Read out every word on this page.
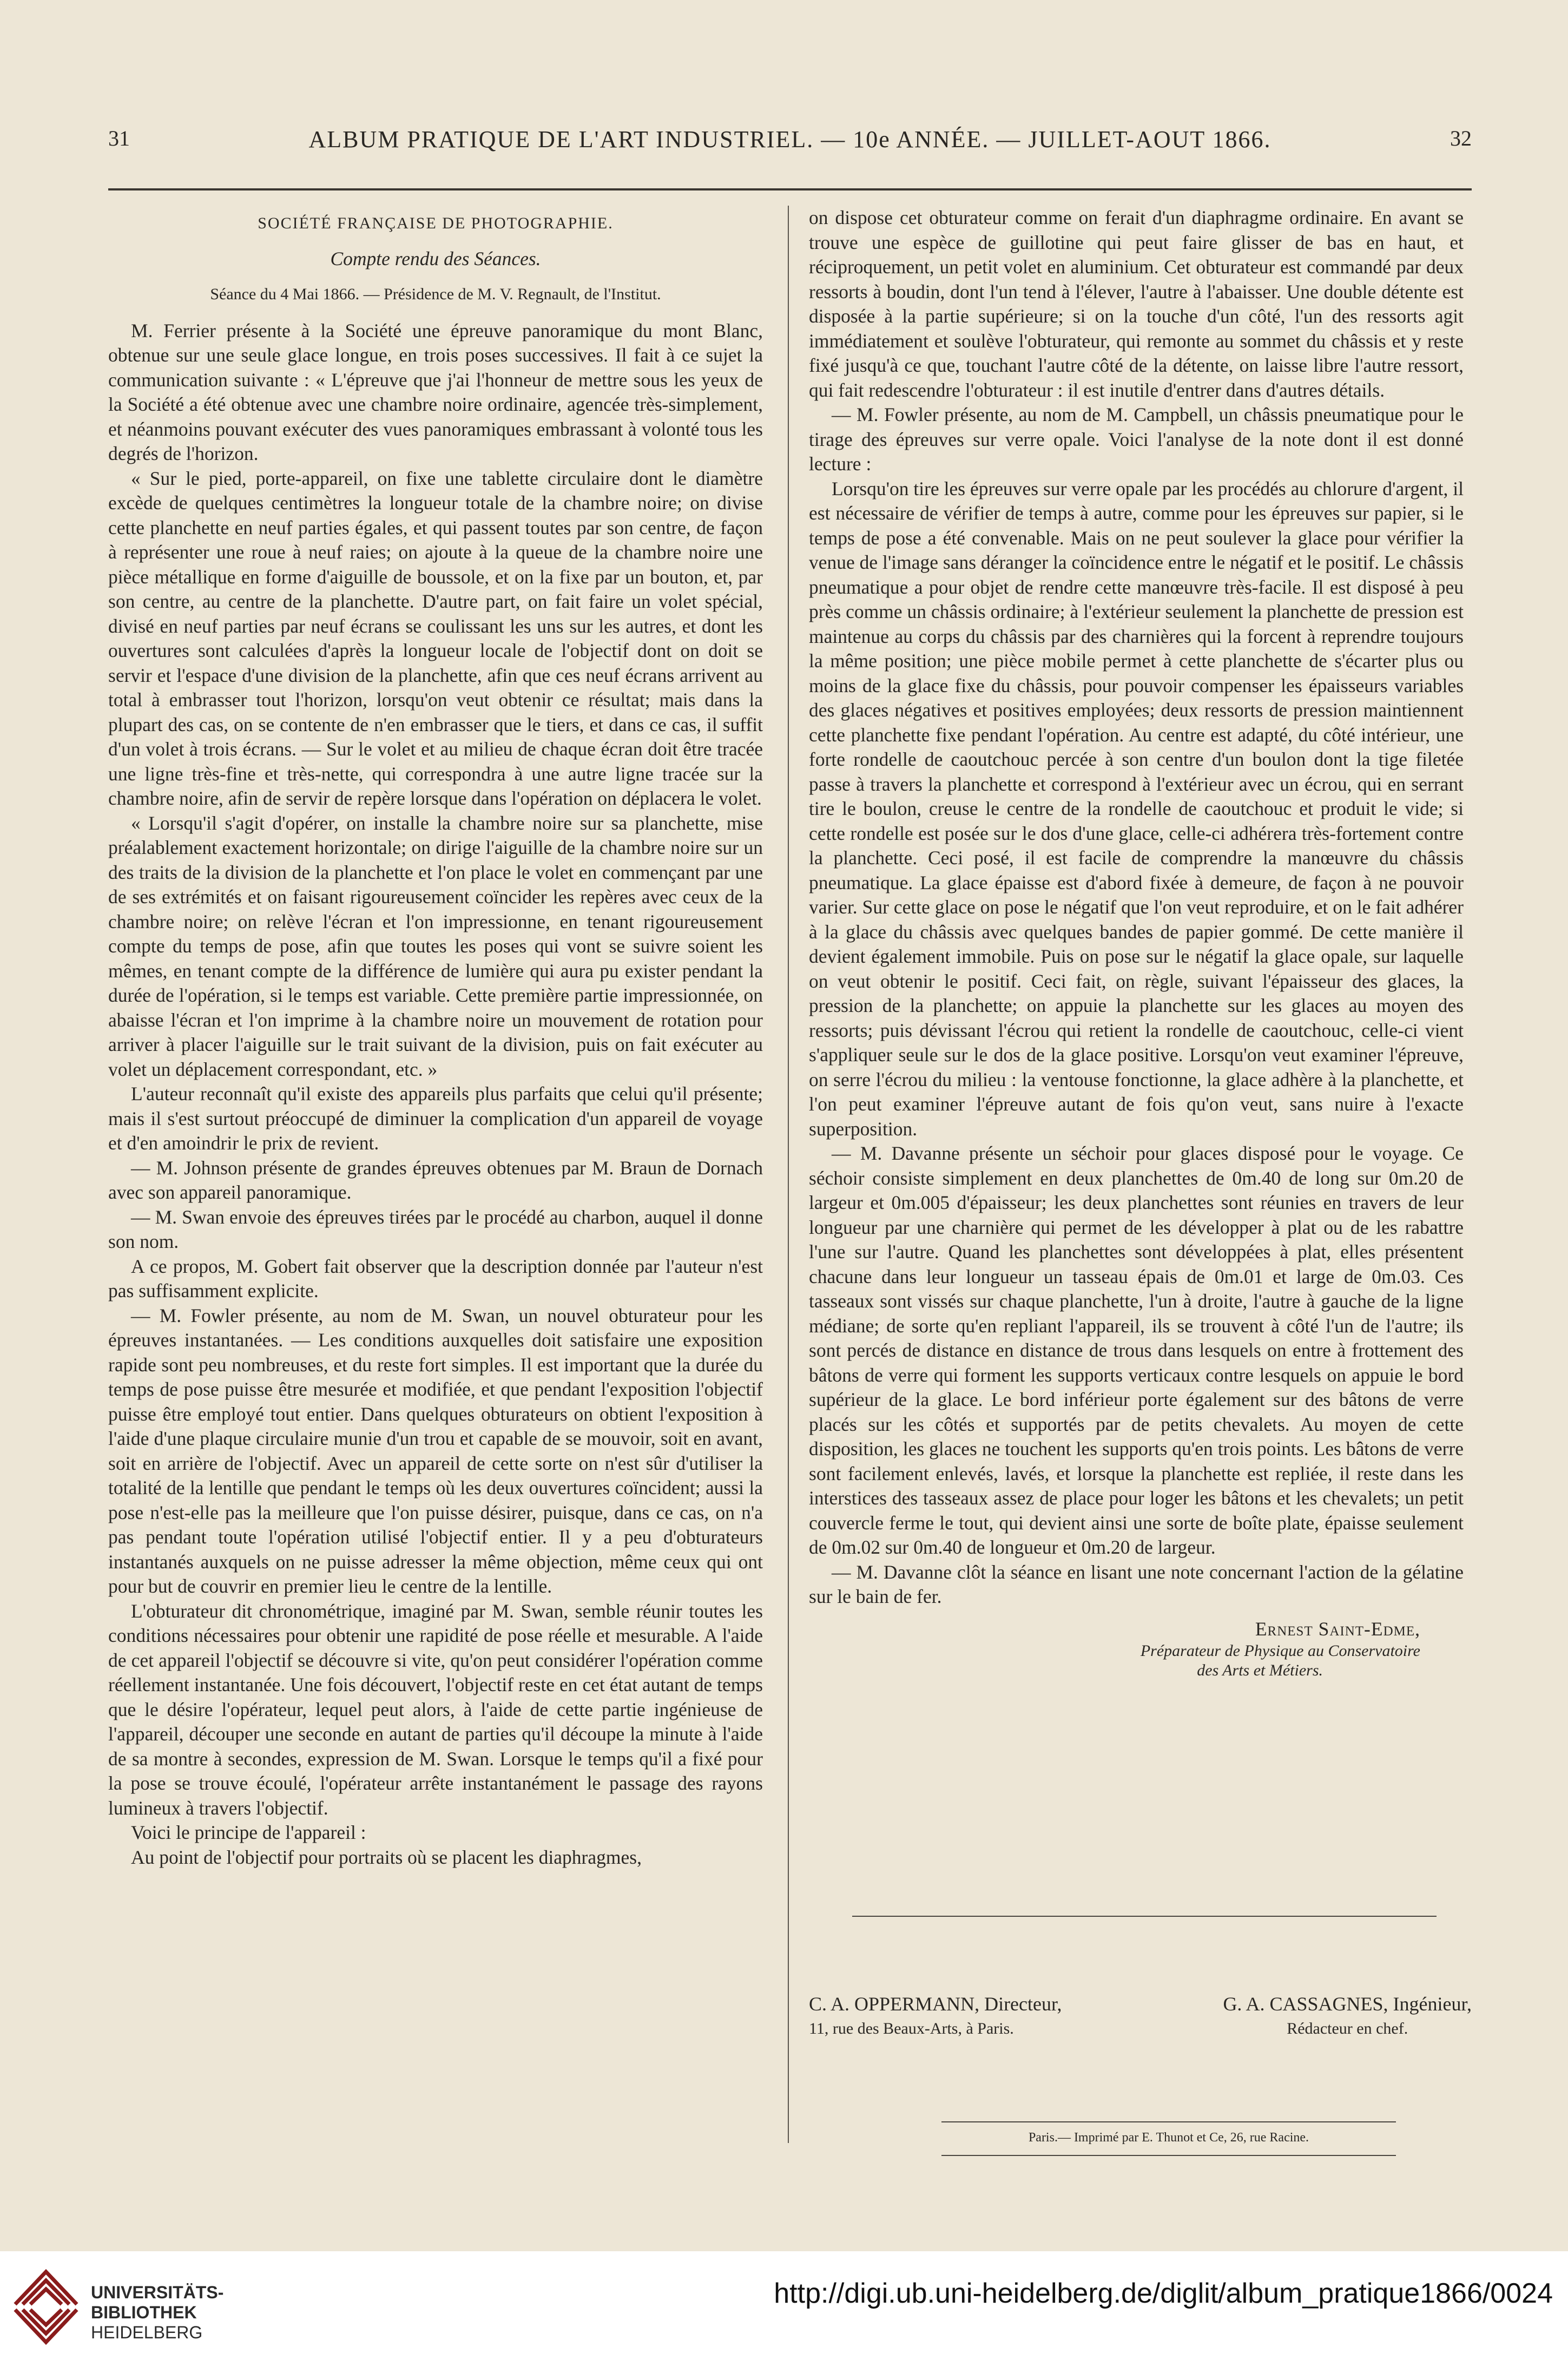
31	ALBUM PRATIQUE DE L'ART INDUSTRIEL. — 10e ANNÉE. — JUILLET-AOUT 1866.	32
SOCIÉTÉ FRANÇAISE DE PHOTOGRAPHIE.
Compte rendu des Séances.
Séance du 4 Mai 1866. — Présidence de M. V. Regnault, de l'Institut.

M. Ferrier présente à la Société une épreuve panoramique du mont Blanc, obtenue sur une seule glace longue, en trois poses successives. Il fait à ce sujet la communication suivante : « L'épreuve que j'ai l'honneur de mettre sous les yeux de la Société a été obtenue avec une chambre noire ordinaire, agencée très-simplement, et néanmoins pouvant exécuter des vues panoramiques embrassant à volonté tous les degrés de l'horizon.

« Sur le pied, porte-appareil, on fixe une tablette circulaire dont le diamètre excède de quelques centimètres la longueur totale de la chambre noire; on divise cette planchette en neuf parties égales, et qui passent toutes par son centre, de façon à représenter une roue à neuf raies; on ajoute à la queue de la chambre noire une pièce métallique en forme d'aiguille de boussole, et on la fixe par un bouton, et, par son centre, au centre de la planchette. D'autre part, on fait faire un volet spécial, divisé en neuf parties par neuf écrans se coulissant les uns sur les autres, et dont les ouvertures sont calculées d'après la longueur locale de l'objectif dont on doit se servir et l'espace d'une division de la planchette, afin que ces neuf écrans arrivent au total à embrasser tout l'horizon, lorsqu'on veut obtenir ce résultat; mais dans la plupart des cas, on se contente de n'en embrasser que le tiers, et dans ce cas, il suffit d'un volet à trois écrans. — Sur le volet et au milieu de chaque écran doit être tracée une ligne très-fine et très-nette, qui correspondra à une autre ligne tracée sur la chambre noire, afin de servir de repère lorsque dans l'opération on déplacera le volet.

« Lorsqu'il s'agit d'opérer, on installe la chambre noire sur sa planchette, mise préalablement exactement horizontale; on dirige l'aiguille de la chambre noire sur un des traits de la division de la planchette et l'on place le volet en commençant par une de ses extrémités et on faisant rigoureusement coïncider les repères avec ceux de la chambre noire; on relève l'écran et l'on impressionne, en tenant rigoureusement compte du temps de pose, afin que toutes les poses qui vont se suivre soient les mêmes, en tenant compte de la différence de lumière qui aura pu exister pendant la durée de l'opération, si le temps est variable. Cette première partie impressionnée, on abaisse l'écran et l'on imprime à la chambre noire un mouvement de rotation pour arriver à placer l'aiguille sur le trait suivant de la division, puis on fait exécuter au volet un déplacement correspondant, etc. »

L'auteur reconnaît qu'il existe des appareils plus parfaits que celui qu'il présente; mais il s'est surtout préoccupé de diminuer la complication d'un appareil de voyage et d'en amoindrir le prix de revient.

— M. Johnson présente de grandes épreuves obtenues par M. Braun de Dornach avec son appareil panoramique.

— M. Swan envoie des épreuves tirées par le procédé au charbon, auquel il donne son nom.

A ce propos, M. Gobert fait observer que la description donnée par l'auteur n'est pas suffisamment explicite.

— M. Fowler présente, au nom de M. Swan, un nouvel obturateur pour les épreuves instantanées. — Les conditions auxquelles doit satisfaire une exposition rapide sont peu nombreuses, et du reste fort simples. Il est important que la durée du temps de pose puisse être mesurée et modifiée, et que pendant l'exposition l'objectif puisse être employé tout entier. Dans quelques obturateurs on obtient l'exposition à l'aide d'une plaque circulaire munie d'un trou et capable de se mouvoir, soit en avant, soit en arrière de l'objectif. Avec un appareil de cette sorte on n'est sûr d'utiliser la totalité de la lentille que pendant le temps où les deux ouvertures coïncident; aussi la pose n'est-elle pas la meilleure que l'on puisse désirer, puisque, dans ce cas, on n'a pas pendant toute l'opération utilisé l'objectif entier. Il y a peu d'obturateurs instantanés auxquels on ne puisse adresser la même objection, même ceux qui ont pour but de couvrir en premier lieu le centre de la lentille.

L'obturateur dit chronométrique, imaginé par M. Swan, semble réunir toutes les conditions nécessaires pour obtenir une rapidité de pose réelle et mesurable. A l'aide de cet appareil l'objectif se découvre si vite, qu'on peut considérer l'opération comme réellement instantanée. Une fois découvert, l'objectif reste en cet état autant de temps que le désire l'opérateur, lequel peut alors, à l'aide de cette partie ingénieuse de l'appareil, découper une seconde en autant de parties qu'il découpe la minute à l'aide de sa montre à secondes, expression de M. Swan. Lorsque le temps qu'il a fixé pour la pose se trouve écoulé, l'opérateur arrête instantanément le passage des rayons lumineux à travers l'objectif.

Voici le principe de l'appareil :

Au point de l'objectif pour portraits où se placent les diaphragmes,

on dispose cet obturateur comme on ferait d'un diaphragme ordinaire. En avant se trouve une espèce de guillotine qui peut faire glisser de bas en haut, et réciproquement, un petit volet en aluminium. Cet obturateur est commandé par deux ressorts à boudin, dont l'un tend à l'élever, l'autre à l'abaisser. Une double détente est disposée à la partie supérieure; si on la touche d'un côté, l'un des ressorts agit immédiatement et soulève l'obturateur, qui remonte au sommet du châssis et y reste fixé jusqu'à ce que, touchant l'autre côté de la détente, on laisse libre l'autre ressort, qui fait redescendre l'obturateur : il est inutile d'entrer dans d'autres détails.

— M. Fowler présente, au nom de M. Campbell, un châssis pneumatique pour le tirage des épreuves sur verre opale. Voici l'analyse de la note dont il est donné lecture :

Lorsqu'on tire les épreuves sur verre opale par les procédés au chlorure d'argent, il est nécessaire de vérifier de temps à autre, comme pour les épreuves sur papier, si le temps de pose a été convenable. Mais on ne peut soulever la glace pour vérifier la venue de l'image sans déranger la coïncidence entre le négatif et le positif. Le châssis pneumatique a pour objet de rendre cette manœuvre très-facile. Il est disposé à peu près comme un châssis ordinaire; à l'extérieur seulement la planchette de pression est maintenue au corps du châssis par des charnières qui la forcent à reprendre toujours la même position; une pièce mobile permet à cette planchette de s'écarter plus ou moins de la glace fixe du châssis, pour pouvoir compenser les épaisseurs variables des glaces négatives et positives employées; deux ressorts de pression maintiennent cette planchette fixe pendant l'opération. Au centre est adapté, du côté intérieur, une forte rondelle de caoutchouc percée à son centre d'un boulon dont la tige filetée passe à travers la planchette et correspond à l'extérieur avec un écrou, qui en serrant tire le boulon, creuse le centre de la rondelle de caoutchouc et produit le vide; si cette rondelle est posée sur le dos d'une glace, celle-ci adhérera très-fortement contre la planchette. Ceci posé, il est facile de comprendre la manœuvre du châssis pneumatique. La glace épaisse est d'abord fixée à demeure, de façon à ne pouvoir varier. Sur cette glace on pose le négatif que l'on veut reproduire, et on le fait adhérer à la glace du châssis avec quelques bandes de papier gommé. De cette manière il devient également immobile. Puis on pose sur le négatif la glace opale, sur laquelle on veut obtenir le positif. Ceci fait, on règle, suivant l'épaisseur des glaces, la pression de la planchette; on appuie la planchette sur les glaces au moyen des ressorts; puis dévissant l'écrou qui retient la rondelle de caoutchouc, celle-ci vient s'appliquer seule sur le dos de la glace positive. Lorsqu'on veut examiner l'épreuve, on serre l'écrou du milieu : la ventouse fonctionne, la glace adhère à la planchette, et l'on peut examiner l'épreuve autant de fois qu'on veut, sans nuire à l'exacte superposition.

— M. Davanne présente un séchoir pour glaces disposé pour le voyage. Ce séchoir consiste simplement en deux planchettes de 0m.40 de long sur 0m.20 de largeur et 0m.005 d'épaisseur; les deux planchettes sont réunies en travers de leur longueur par une charnière qui permet de les développer à plat ou de les rabattre l'une sur l'autre. Quand les planchettes sont développées à plat, elles présentent chacune dans leur longueur un tasseau épais de 0m.01 et large de 0m.03. Ces tasseaux sont vissés sur chaque planchette, l'un à droite, l'autre à gauche de la ligne médiane; de sorte qu'en repliant l'appareil, ils se trouvent à côté l'un de l'autre; ils sont percés de distance en distance de trous dans lesquels on entre à frottement des bâtons de verre qui forment les supports verticaux contre lesquels on appuie le bord supérieur de la glace. Le bord inférieur porte également sur des bâtons de verre placés sur les côtés et supportés par de petits chevalets. Au moyen de cette disposition, les glaces ne touchent les supports qu'en trois points. Les bâtons de verre sont facilement enlevés, lavés, et lorsque la planchette est repliée, il reste dans les interstices des tasseaux assez de place pour loger les bâtons et les chevalets; un petit couvercle ferme le tout, qui devient ainsi une sorte de boîte plate, épaisse seulement de 0m.02 sur 0m.40 de longueur et 0m.20 de largeur.

— M. Davanne clôt la séance en lisant une note concernant l'action de la gélatine sur le bain de fer.

Ernest Saint-Edme,
Préparateur de Physique au Conservatoire
des Arts et Métiers.
C. A. OPPERMANN, Directeur,
11, rue des Beaux-Arts, à Paris.
G. A. CASSAGNES, Ingénieur,
Rédacteur en chef.
Paris.— Imprimé par E. Thunot et Ce, 26, rue Racine.
UNIVERSITÄTS-
BIBLIOTHEK
HEIDELBERG
http://digi.ub.uni-heidelberg.de/diglit/album_pratique1866/0024
